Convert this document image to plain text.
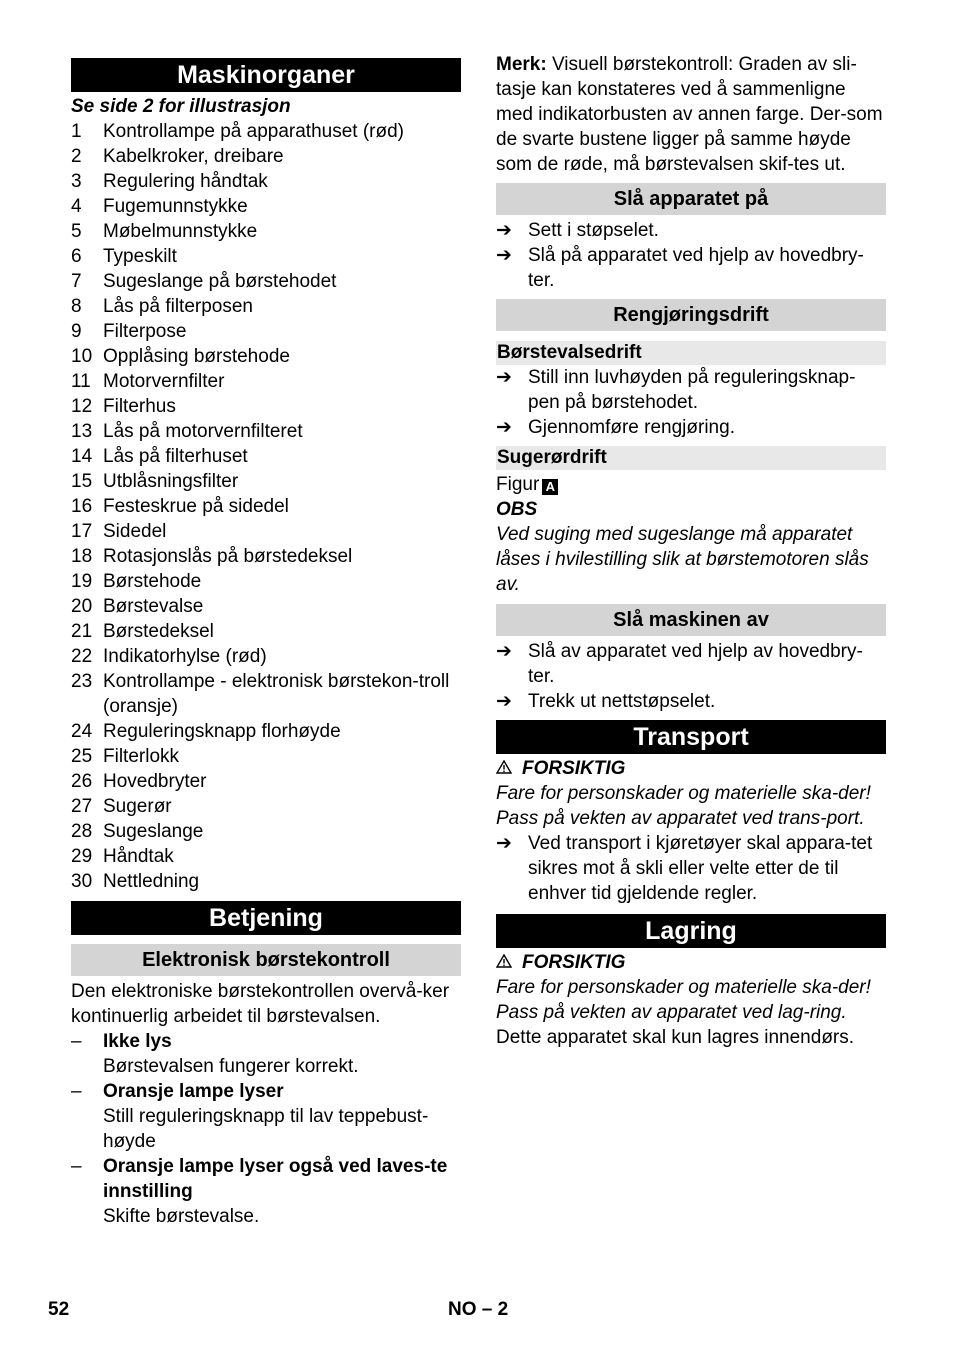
Maskinorganer
Se side 2 for illustrasjon
1	Kontrollampe på apparathuset (rød)
2	Kabelkroker, dreibare
3	Regulering håndtak
4	Fugemunnstykke
5	Møbelmunnstykke
6	Typeskilt
7	Sugeslange på børstehodet
8	Lås på filterposen
9	Filterpose
10 Opplåsing børstehode
11 Motorvernfilter
12 Filterhus
13 Lås på motorvernfilteret
14 Lås på filterhuset
15 Utblåsningsfilter
16 Festeskrue på sidedel
17 Sidedel
18 Rotasjonslås på børstedeksel
19 Børstehode
20 Børstevalse
21 Børstedeksel
22 Indikatorhylse (rød)
23 Kontrollampe - elektronisk børstekon-troll (oransje)
24 Reguleringsknapp florhøyde
25 Filterlokk
26 Hovedbryter
27 Sugerør
28 Sugeslange
29 Håndtak
30 Nettledning
Betjening
Elektronisk børstekontroll
Den elektroniske børstekontrollen overvå-ker kontinuerlig arbeidet til børstevalsen.
–	Ikke lys
Børstevalsen fungerer korrekt.
–	Oransje lampe lyser
Still reguleringsknapp til lav teppebust-høyde
–	Oransje lampe lyser også ved laves-te innstilling
Skifte børstevalse.
Merk: Visuell børstekontroll: Graden av sli-tasje kan konstateres ved å sammenligne med indikatorbusten av annen farge. Der-som de svarte bustene ligger på samme høyde som de røde, må børstevalsen skif-tes ut.
Slå apparatet på
➔ Sett i støpselet.
➔ Slå på apparatet ved hjelp av hovedbry-ter.
Rengjøringsdrift
Børstevalsedrift
➔ Still inn luvhøyden på reguleringsknap-pen på børstehodet.
➔ Gjennomføre rengjøring.
Sugerørdrift
Figur A
OBS
Ved suging med sugeslange må apparatet låses i hvilestilling slik at børstemotoren slås av.
Slå maskinen av
➔ Slå av apparatet ved hjelp av hovedbry-ter.
➔ Trekk ut nettstøpselet.
Transport
FORSIKTIG
Fare for personskader og materielle ska-der! Pass på vekten av apparatet ved trans-port.
➔ Ved transport i kjøretøyer skal appara-tet sikres mot å skli eller velte etter de til enhver tid gjeldende regler.
Lagring
FORSIKTIG
Fare for personskader og materielle ska-der! Pass på vekten av apparatet ved lag-ring.
Dette apparatet skal kun lagres innendørs.
52	NO – 2
